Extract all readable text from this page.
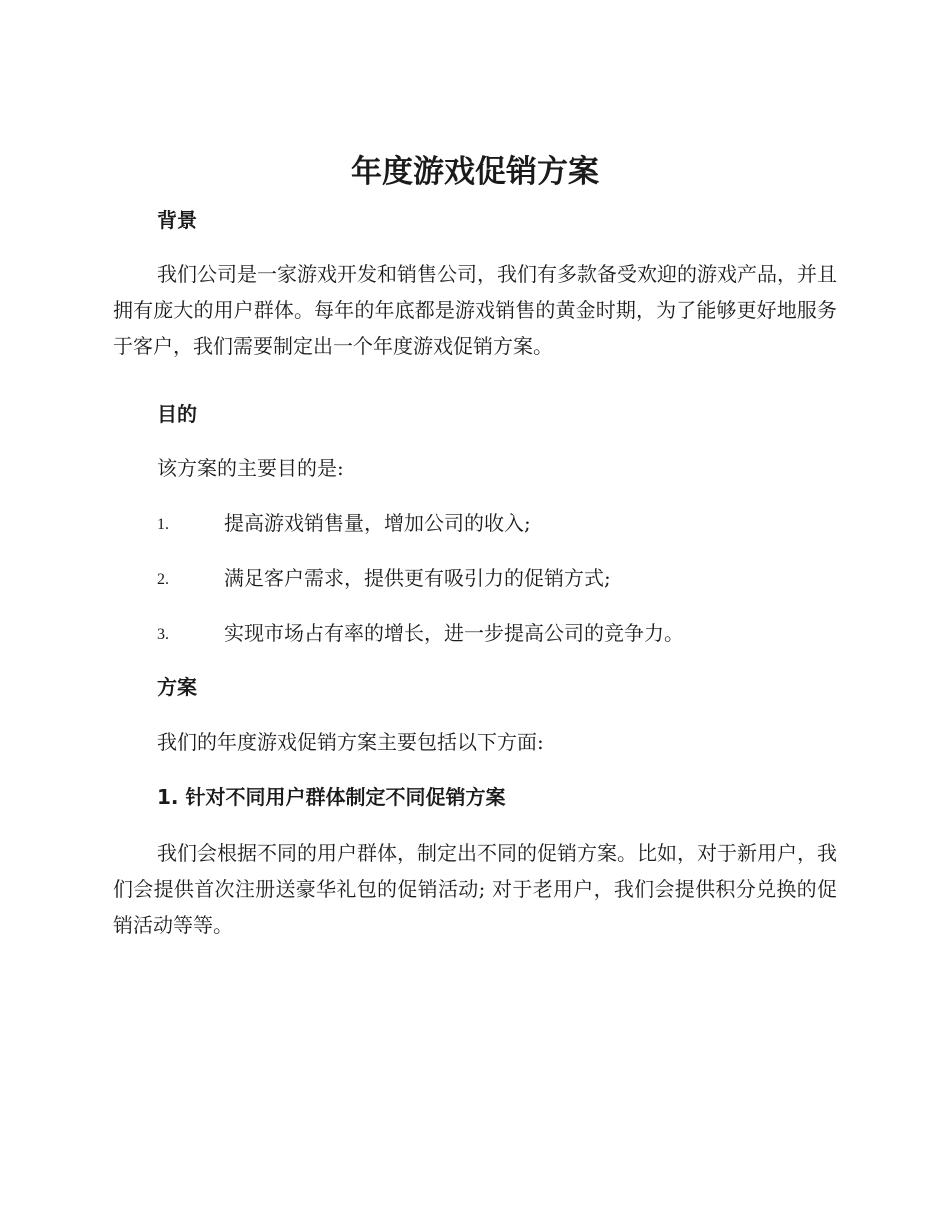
年度游戏促销方案
背景

我们公司是一家游戏开发和销售公司，我们有多款备受欢迎的游戏产品，并且拥有庞大的用户群体。每年的年底都是游戏销售的黄金时期，为了能够更好地服务于客户，我们需要制定出一个年度游戏促销方案。

目的

该方案的主要目的是:

1.	提高游戏销售量，增加公司的收入;
2.	满足客户需求，提供更有吸引力的促销方式;
3.	实现市场占有率的增长，进一步提高公司的竞争力。
方案

我们的年度游戏促销方案主要包括以下方面:

1. 针对不同用户群体制定不同促销方案

我们会根据不同的用户群体，制定出不同的促销方案。比如，对于新用户，我们会提供首次注册送豪华礼包的促销活动; 对于老用户，我们会提供积分兑换的促销活动等等。
